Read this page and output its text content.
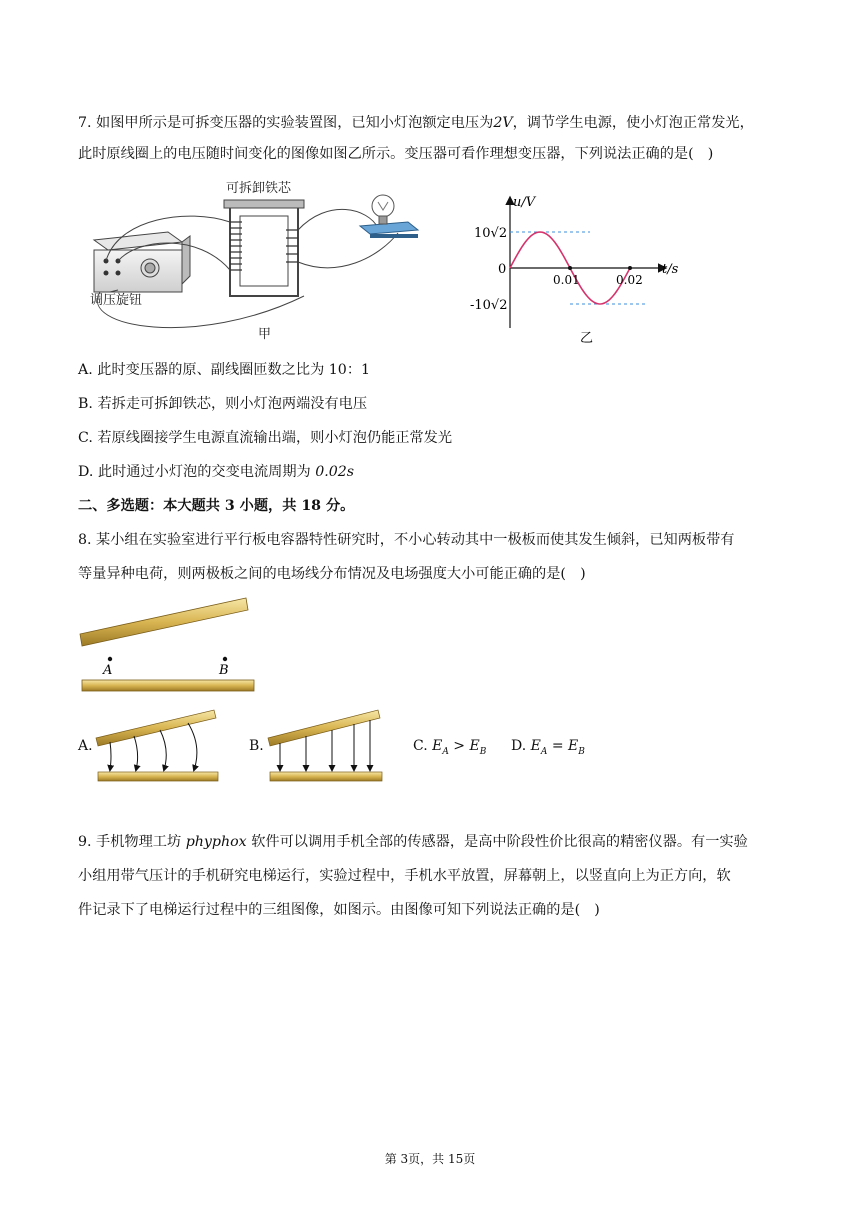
7. 如图甲所示是可拆变压器的实验装置图，已知小灯泡额定电压为2V，调节学生电源，使小灯泡正常发光，
此时原线圈上的电压随时间变化的图像如图乙所示。变压器可看作理想变压器，下列说法正确的是(　)
调压旋钮
可拆卸铁芯
甲
u/V
t/s
10√2
-10√2
0
0.01	0.02
乙
A. 此时变压器的原、副线圈匝数之比为 10：1
B. 若拆走可拆卸铁芯，则小灯泡两端没有电压
C. 若原线圈接学生电源直流输出端，则小灯泡仍能正常发光
D. 此时通过小灯泡的交变电流周期为 0.02s
二、多选题：本大题共 3 小题，共 18 分。
8. 某小组在实验室进行平行板电容器特性研究时，不小心转动其中一极板而使其发生倾斜，已知两板带有
等量异种电荷，则两极板之间的电场线分布情况及电场强度大小可能正确的是(　)
A	B
A.	B.	C. $E_A > E_B$ D. $E_A = E_B$
9. 手机物理工坊 phyphox 软件可以调用手机全部的传感器，是高中阶段性价比很高的精密仪器。有一实验
小组用带气压计的手机研究电梯运行，实验过程中，手机水平放置，屏幕朝上，以竖直向上为正方向，软
件记录下了电梯运行过程中的三组图像，如图示。由图像可知下列说法正确的是(　)
第 3页，共 15页
